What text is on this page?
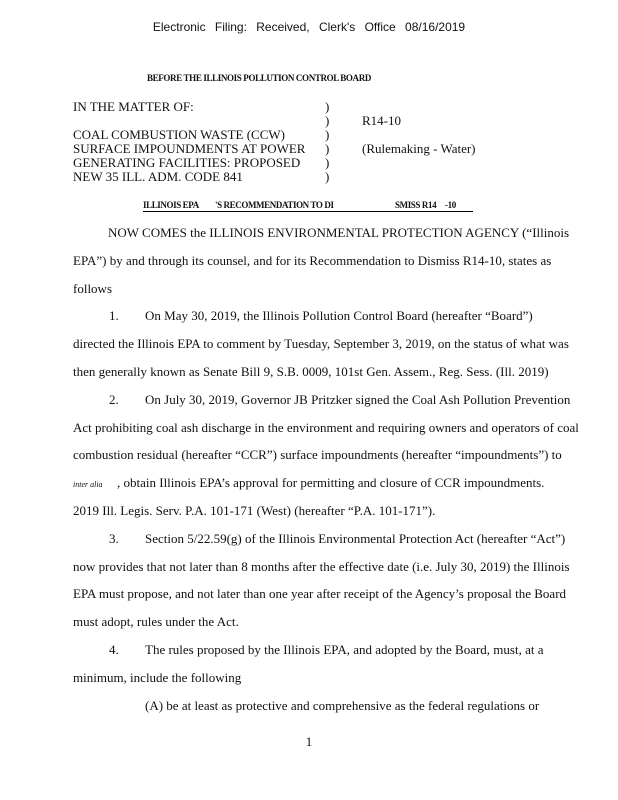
Electronic Filing: Received, Clerk's Office 08/16/2019
BEFORE THE ILLINOIS POLLUTION CONTROL BOARD
IN THE MATTER OF:
COAL COMBUSTION WASTE (CCW)
SURFACE IMPOUNDMENTS AT POWER
GENERATING FACILITIES: PROPOSED
NEW 35 ILL. ADM. CODE 841
)
)
)
)
)
)
R14-10
(Rulemaking - Water)
ILLINOIS EPA 'S RECOMMENDATION TO DI	SMISS R14 -10
NOW COMES the ILLINOIS ENVIRONMENTAL PROTECTION AGENCY (“Illinois
EPA”) by and through its counsel, and for its Recommendation to Dismiss R14-10, states as
follows
1. On May 30, 2019, the Illinois Pollution Control Board (hereafter “Board”)
directed the Illinois EPA to comment by Tuesday, September 3, 2019, on the status of what was
then generally known as Senate Bill 9, S.B. 0009, 101st Gen. Assem., Reg. Sess. (Ill. 2019)
2. On July 30, 2019, Governor JB Pritzker signed the Coal Ash Pollution Prevention
Act prohibiting coal ash discharge in the environment and requiring owners and operators of coal
combustion residual (hereafter “CCR”) surface impoundments (hereafter “impoundments”) to
inter alia , obtain Illinois EPA’s approval for permitting and closure of CCR impoundments.
2019 Ill. Legis. Serv. P.A. 101-171 (West) (hereafter “P.A. 101-171”).
3. Section 5/22.59(g) of the Illinois Environmental Protection Act (hereafter “Act”)
now provides that not later than 8 months after the effective date (i.e. July 30, 2019) the Illinois
EPA must propose, and not later than one year after receipt of the Agency’s proposal the Board
must adopt, rules under the Act.
4. The rules proposed by the Illinois EPA, and adopted by the Board, must, at a
minimum, include the following
(A) be at least as protective and comprehensive as the federal regulations or
1
